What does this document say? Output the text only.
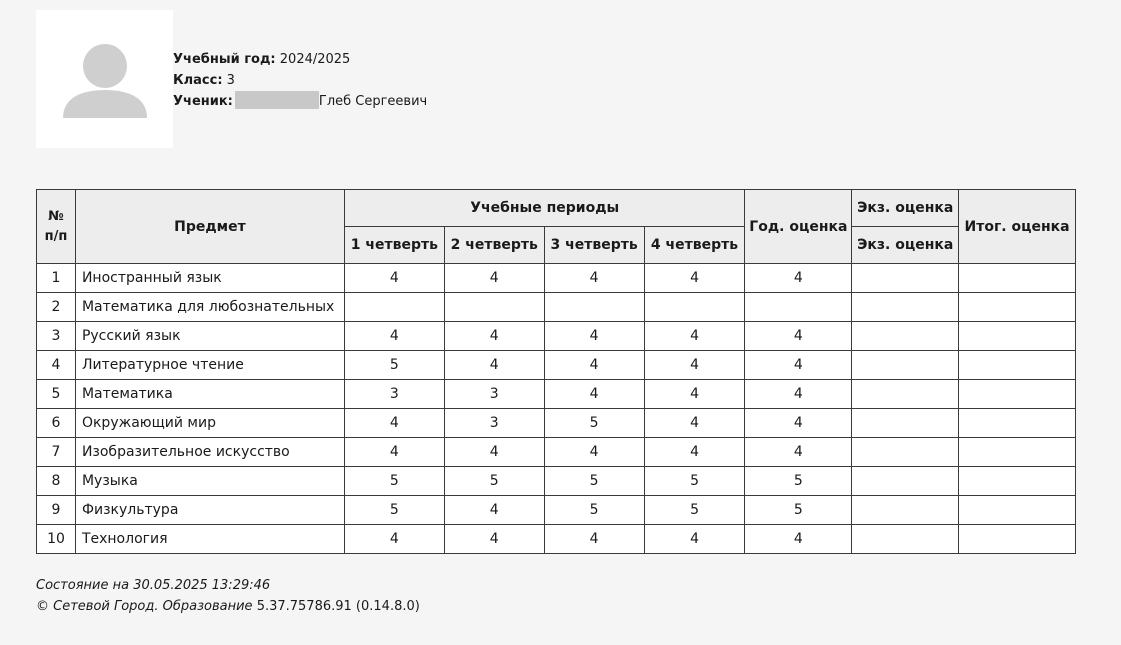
Учебный год: 2024/2025
Класс: 3
Ученик:	Глеб Сергеевич
№ п/п	Предмет	Учебные периоды				Год. оценка	Экз. оценка	Итог. оценка
		1 четверть	2 четверть	3 четверть	4 четверть		Экз. оценка	
1	Иностранный язык	4	4	4	4	4		
2	Математика для любознательных							
3	Русский язык	4	4	4	4	4		
4	Литературное чтение	5	4	4	4	4		
5	Математика	3	3	4	4	4		
6	Окружающий мир	4	3	5	4	4		
7	Изобразительное искусство	4	4	4	4	4		
8	Музыка	5	5	5	5	5		
9	Физкультура	5	4	5	5	5		
10	Технология	4	4	4	4	4		
Состояние на 30.05.2025 13:29:46
© Сетевой Город. Образование 5.37.75786.91 (0.14.8.0)
